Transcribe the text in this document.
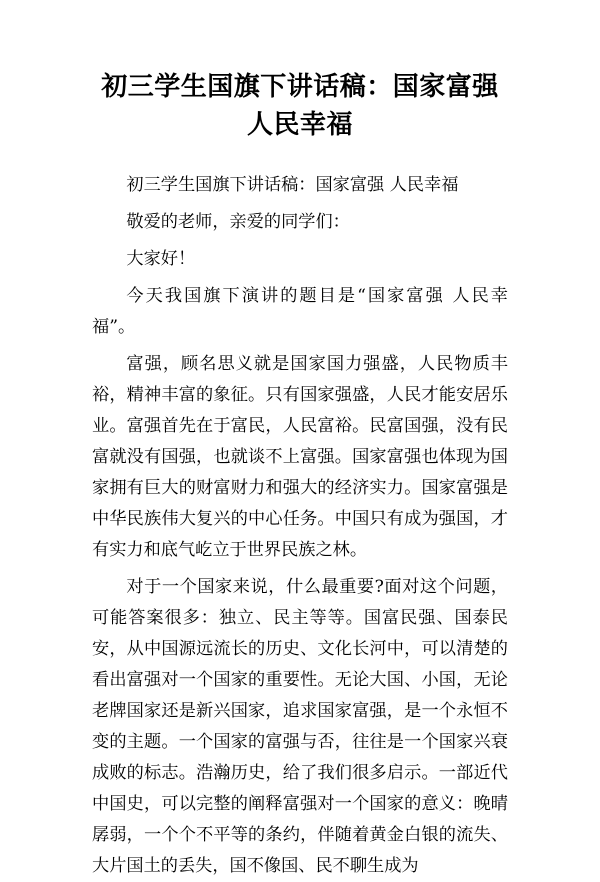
初三学生国旗下讲话稿：国家富强人民幸福

初三学生国旗下讲话稿：国家富强 人民幸福

敬爱的老师，亲爱的同学们：

大家好！

今天我国旗下演讲的题目是“国家富强 人民幸福”。

富强，顾名思义就是国家国力强盛，人民物质丰裕，精神丰富的象征。只有国家强盛，人民才能安居乐业。富强首先在于富民，人民富裕。民富国强，没有民富就没有国强，也就谈不上富强。国家富强也体现为国家拥有巨大的财富财力和强大的经济实力。国家富强是中华民族伟大复兴的中心任务。中国只有成为强国，才有实力和底气屹立于世界民族之林。

对于一个国家来说，什么最重要?面对这个问题，可能答案很多：独立、民主等等。国富民强、国泰民安，从中国源远流长的历史、文化长河中，可以清楚的看出富强对一个国家的重要性。无论大国、小国，无论老牌国家还是新兴国家，追求国家富强，是一个永恒不变的主题。一个国家的富强与否，往往是一个国家兴衰成败的标志。浩瀚历史，给了我们很多启示。一部近代中国史，可以完整的阐释富强对一个国家的意义：晚晴孱弱，一个个不平等的条约，伴随着黄金白银的流失、大片国土的丢失，国不像国、民不聊生成为
